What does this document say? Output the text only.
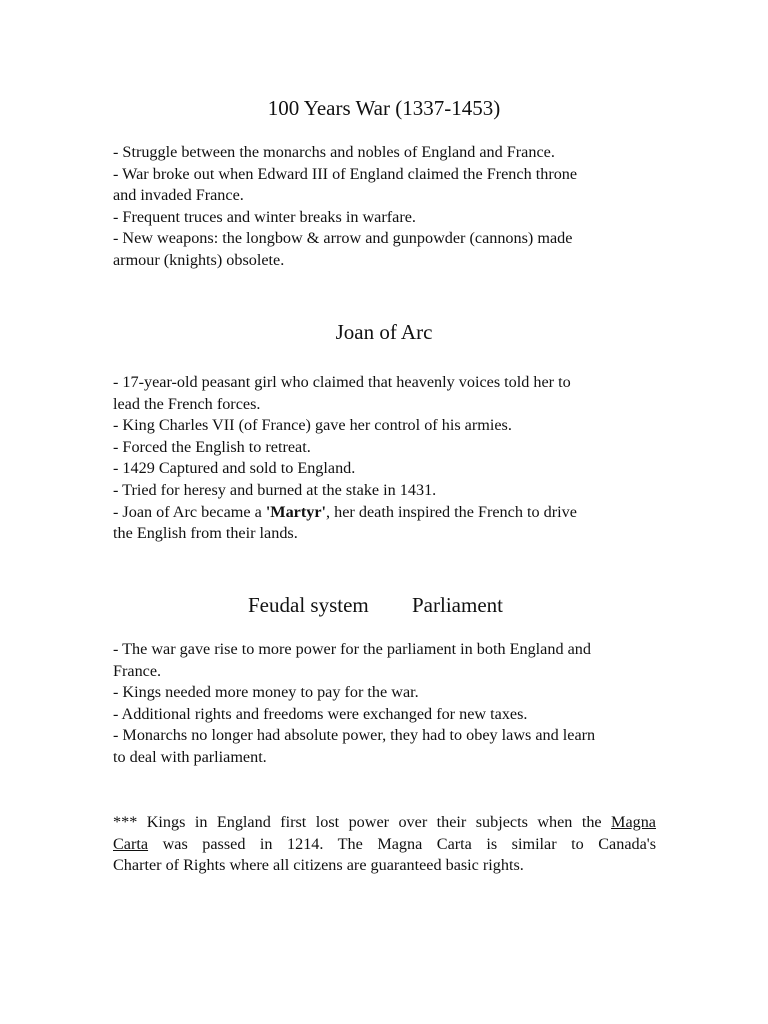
100 Years War (1337-1453)
- Struggle between the monarchs and nobles of England and France.
- War broke out when Edward III of England claimed the French throne
and invaded France.
- Frequent truces and winter breaks in warfare.
- New weapons: the longbow & arrow and gunpowder (cannons) made
armour (knights) obsolete.
Joan of Arc
- 17-year-old peasant girl who claimed that heavenly voices told her to
lead the French forces.
- King Charles VII (of France) gave her control of his armies.
- Forced the English to retreat.
- 1429 Captured and sold to England.
- Tried for heresy and burned at the stake in 1431.
- Joan of Arc became a 'Martyr', her death inspired the French to drive
the English from their lands.
Feudal system Parliament
- The war gave rise to more power for the parliament in both England and
France.
- Kings needed more money to pay for the war.
- Additional rights and freedoms were exchanged for new taxes.
- Monarchs no longer had absolute power, they had to obey laws and learn
to deal with parliament.
*** Kings in England first lost power over their subjects when the Magna
Carta was passed in 1214. The Magna Carta is similar to Canada's
Charter of Rights where all citizens are guaranteed basic rights.
